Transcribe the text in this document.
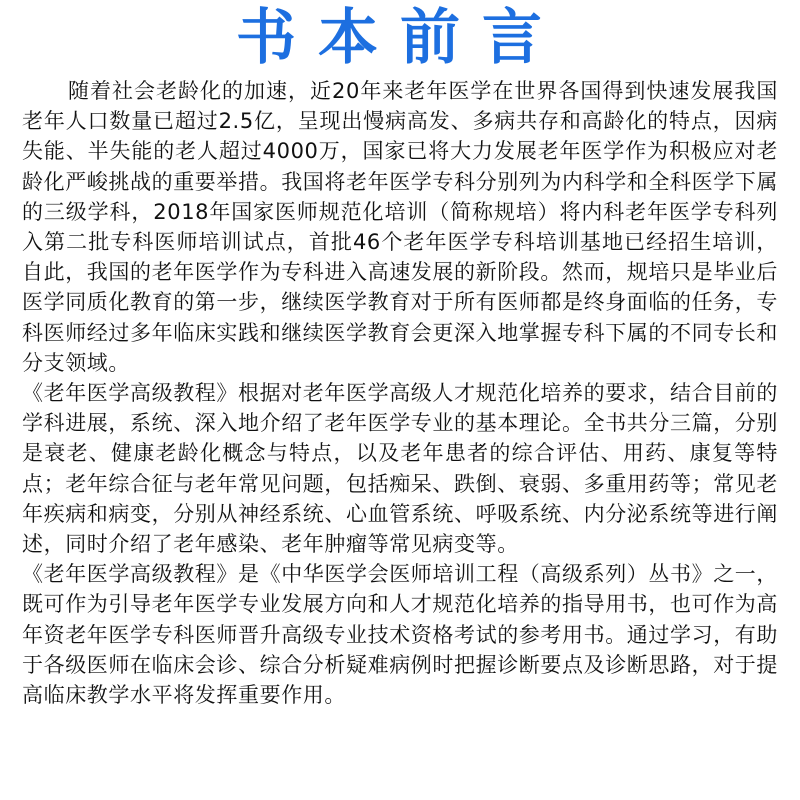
书本前言

随着社会老龄化的加速，近20年来老年医学在世界各国得到快速发展我国老年人口数量已超过2.5亿，呈现出慢病高发、多病共存和高龄化的特点，因病失能、半失能的老人超过4000万，国家已将大力发展老年医学作为积极应对老龄化严峻挑战的重要举措。我国将老年医学专科分别列为内科学和全科医学下属的三级学科，2018年国家医师规范化培训（简称规培）将内科老年医学专科列入第二批专科医师培训试点，首批46个老年医学专科培训基地已经招生培训，自此，我国的老年医学作为专科进入高速发展的新阶段。然而，规培只是毕业后医学同质化教育的第一步，继续医学教育对于所有医师都是终身面临的任务，专科医师经过多年临床实践和继续医学教育会更深入地掌握专科下属的不同专长和分支领域。

《老年医学高级教程》根据对老年医学高级人才规范化培养的要求，结合目前的学科进展，系统、深入地介绍了老年医学专业的基本理论。全书共分三篇，分别是衰老、健康老龄化概念与特点，以及老年患者的综合评估、用药、康复等特点；老年综合征与老年常见问题，包括痴呆、跌倒、衰弱、多重用药等；常见老年疾病和病变，分别从神经系统、心血管系统、呼吸系统、内分泌系统等进行阐述，同时介绍了老年感染、老年肿瘤等常见病变等。

《老年医学高级教程》是《中华医学会医师培训工程（高级系列）丛书》之一，既可作为引导老年医学专业发展方向和人才规范化培养的指导用书，也可作为高年资老年医学专科医师晋升高级专业技术资格考试的参考用书。通过学习，有助于各级医师在临床会诊、综合分析疑难病例时把握诊断要点及诊断思路，对于提高临床教学水平将发挥重要作用。
